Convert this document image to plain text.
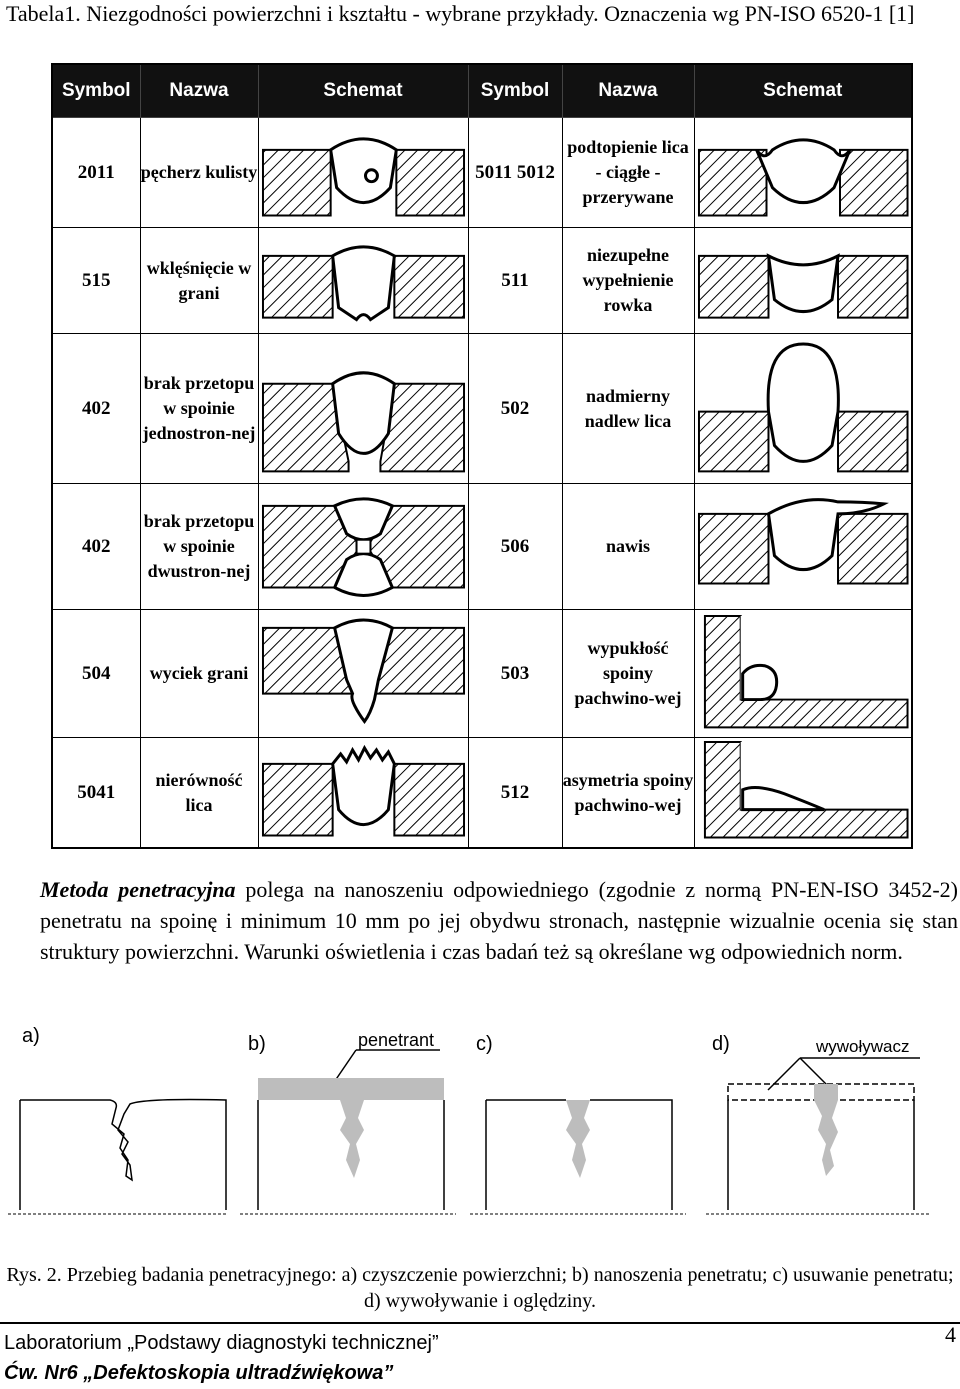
Tabela1. Niezgodności powierzchni i kształtu - wybrane przykłady. Oznaczenia wg PN-ISO 6520-1 [1]
Symbol	Nazwa	Schemat	Symbol	Nazwa	Schemat
2011	pęcherz kulisty		5011 5012	podtopienie lica - ciągłe - przerywane	

515	wklęśnięcie w grani		511	niezupełne wypełnienie rowka	

402	brak przetopu w spoinie jednostron-nej		502	nadmierny nadlew lica	

402	brak przetopu w spoinie dwustron-nej		506	nawis	

504	wyciek grani		503	wypukłość spoiny pachwino-wej	

5041	nierówność lica		512	asymetria spoiny pachwino-wej	
Metoda penetracyjna polega na nanoszeniu odpowiedniego (zgodnie z normą PN-EN-ISO 3452-2) penetratu na spoinę i minimum 10 mm po jej obydwu stronach, następnie wizualnie ocenia się stan struktury powierzchni. Warunki oświetlenia i czas badań też są określane wg odpowiednich norm.
a)	b)	c)	d)
penetrant	wywoływacz
Rys. 2. Przebieg badania penetracyjnego: a) czyszczenie powierzchni; b) nanoszenia penetratu; c) usuwanie penetratu; d) wywoływanie i oględziny.
Laboratorium „Podstawy diagnostyki technicznej”
Ćw. Nr6 „Defektoskopia ultradźwiękowa”
4
